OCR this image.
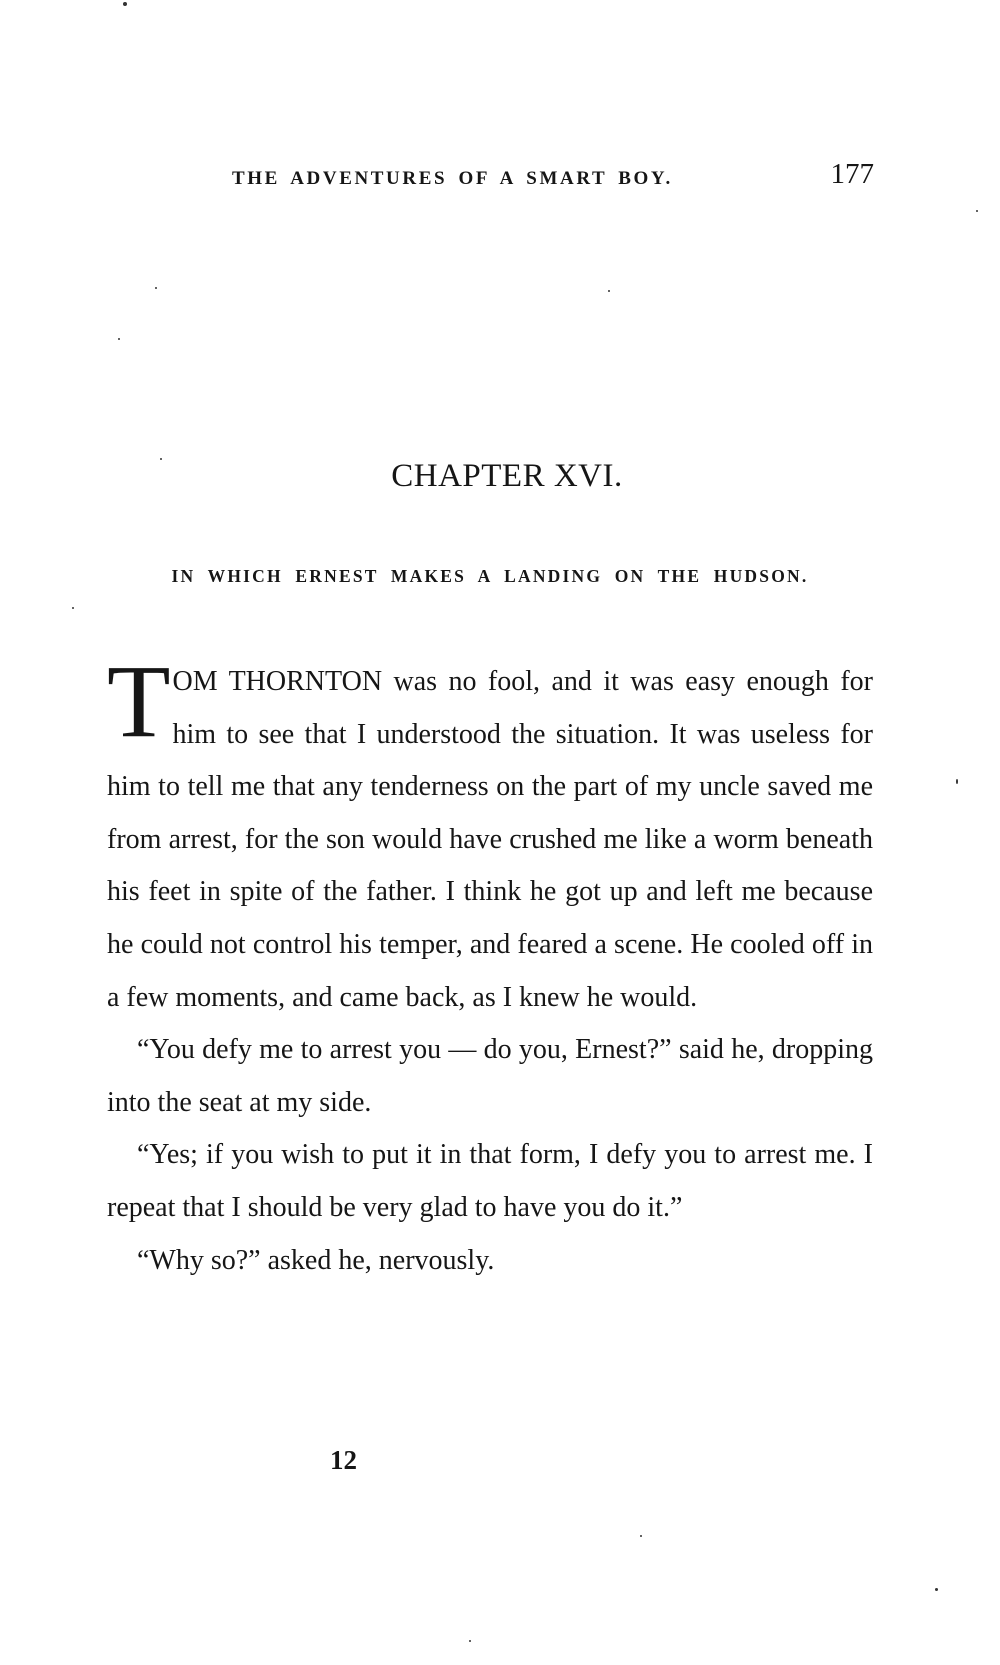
THE ADVENTURES OF A SMART BOY.	177
CHAPTER XVI.
IN WHICH ERNEST MAKES A LANDING ON THE HUDSON.

TOM THORNTON was no fool, and it was easy enough for him to see that I understood the situation. It was useless for him to tell me that any tenderness on the part of my uncle saved me from arrest, for the son would have crushed me like a worm beneath his feet in spite of the father. I think he got up and left me because he could not control his temper, and feared a scene. He cooled off in a few moments, and came back, as I knew he would.

“You defy me to arrest you — do you, Ernest?” said he, dropping into the seat at my side.

“Yes; if you wish to put it in that form, I defy you to arrest me. I repeat that I should be very glad to have you do it.”

“Why so?” asked he, nervously.

12
